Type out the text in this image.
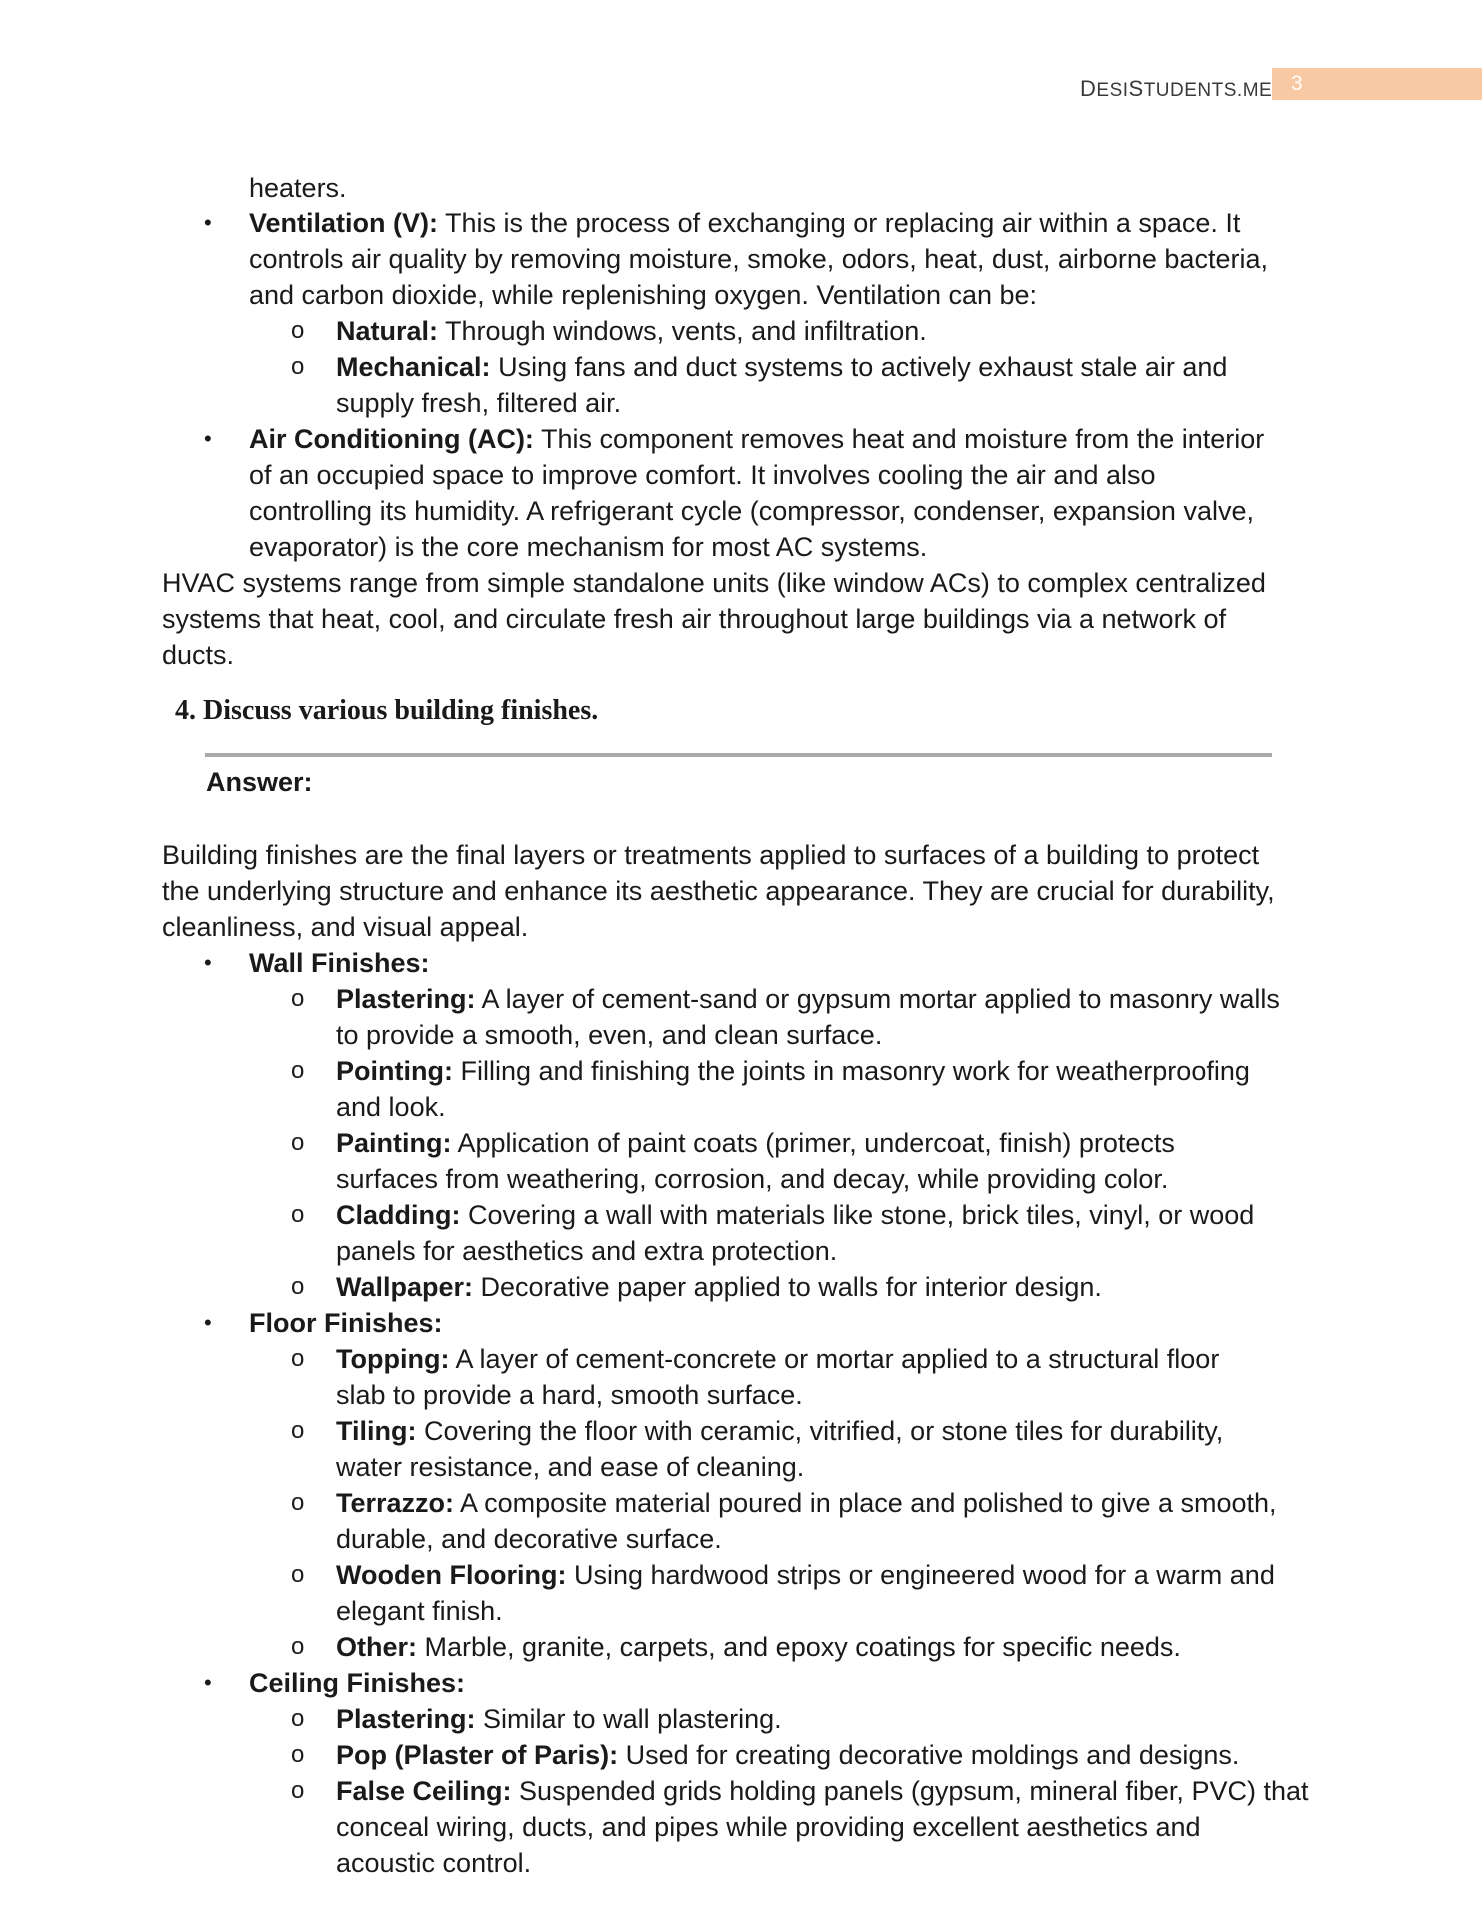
DESISTUDENTS.ME 3
heaters.
• Ventilation (V): This is the process of exchanging or replacing air within a space. It
controls air quality by removing moisture, smoke, odors, heat, dust, airborne bacteria,
and carbon dioxide, while replenishing oxygen. Ventilation can be:
o Natural: Through windows, vents, and infiltration.
o Mechanical: Using fans and duct systems to actively exhaust stale air and
supply fresh, filtered air.
• Air Conditioning (AC): This component removes heat and moisture from the interior
of an occupied space to improve comfort. It involves cooling the air and also
controlling its humidity. A refrigerant cycle (compressor, condenser, expansion valve,
evaporator) is the core mechanism for most AC systems.
HVAC systems range from simple standalone units (like window ACs) to complex centralized
systems that heat, cool, and circulate fresh air throughout large buildings via a network of
ducts.
4. Discuss various building finishes.
Answer:
Building finishes are the final layers or treatments applied to surfaces of a building to protect
the underlying structure and enhance its aesthetic appearance. They are crucial for durability,
cleanliness, and visual appeal.
• Wall Finishes:
o Plastering: A layer of cement-sand or gypsum mortar applied to masonry walls
to provide a smooth, even, and clean surface.
o Pointing: Filling and finishing the joints in masonry work for weatherproofing
and look.
o Painting: Application of paint coats (primer, undercoat, finish) protects
surfaces from weathering, corrosion, and decay, while providing color.
o Cladding: Covering a wall with materials like stone, brick tiles, vinyl, or wood
panels for aesthetics and extra protection.
o Wallpaper: Decorative paper applied to walls for interior design.
• Floor Finishes:
o Topping: A layer of cement-concrete or mortar applied to a structural floor
slab to provide a hard, smooth surface.
o Tiling: Covering the floor with ceramic, vitrified, or stone tiles for durability,
water resistance, and ease of cleaning.
o Terrazzo: A composite material poured in place and polished to give a smooth,
durable, and decorative surface.
o Wooden Flooring: Using hardwood strips or engineered wood for a warm and
elegant finish.
o Other: Marble, granite, carpets, and epoxy coatings for specific needs.
• Ceiling Finishes:
o Plastering: Similar to wall plastering.
o Pop (Plaster of Paris): Used for creating decorative moldings and designs.
o False Ceiling: Suspended grids holding panels (gypsum, mineral fiber, PVC) that
conceal wiring, ducts, and pipes while providing excellent aesthetics and
acoustic control.
